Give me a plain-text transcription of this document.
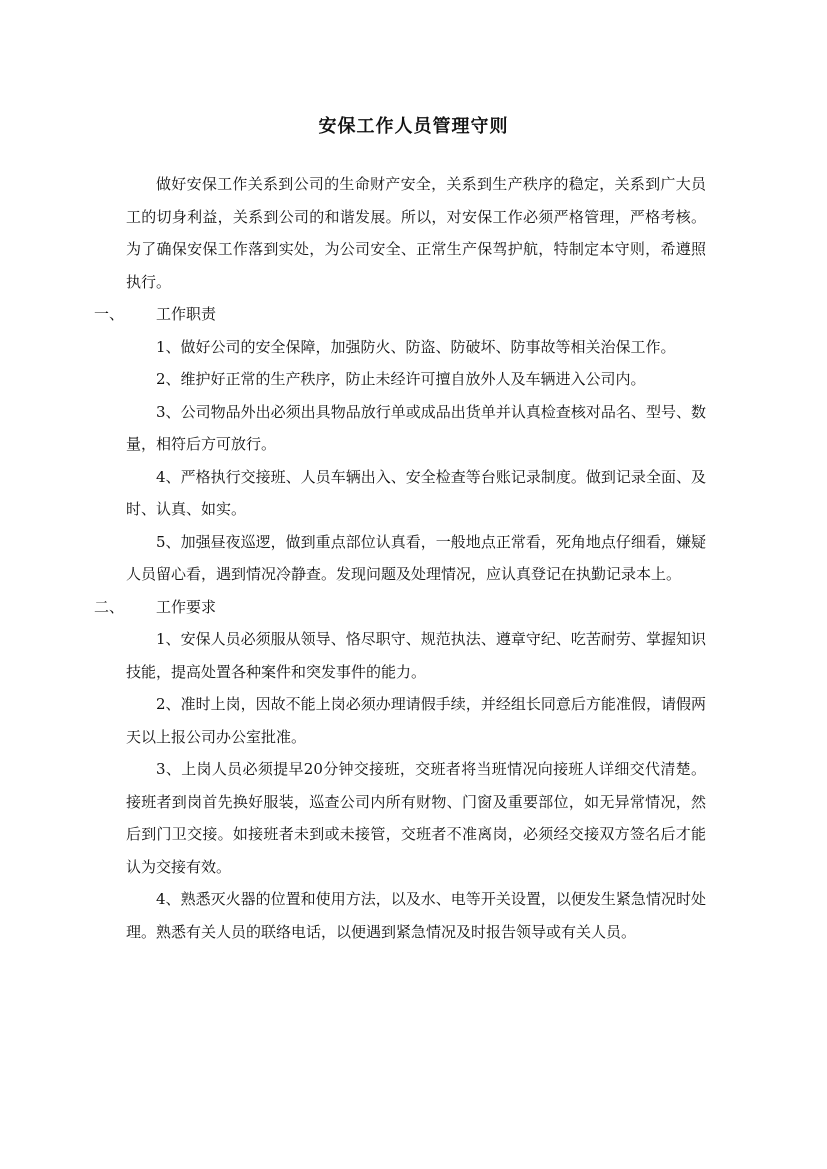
安保工作人员管理守则

做好安保工作关系到公司的生命财产安全，关系到生产秩序的稳定，关系到广大员工的切身利益，关系到公司的和谐发展。所以，对安保工作必须严格管理，严格考核。为了确保安保工作落到实处，为公司安全、正常生产保驾护航，特制定本守则，希遵照执行。

一、 工作职责

1、做好公司的安全保障，加强防火、防盗、防破坏、防事故等相关治保工作。

2、维护好正常的生产秩序，防止未经许可擅自放外人及车辆进入公司内。

3、公司物品外出必须出具物品放行单或成品出货单并认真检查核对品名、型号、数量，相符后方可放行。

4、严格执行交接班、人员车辆出入、安全检查等台账记录制度。做到记录全面、及时、认真、如实。

5、加强昼夜巡逻，做到重点部位认真看，一般地点正常看，死角地点仔细看，嫌疑人员留心看，遇到情况冷静查。发现问题及处理情况，应认真登记在执勤记录本上。

二、 工作要求

1、安保人员必须服从领导、恪尽职守、规范执法、遵章守纪、吃苦耐劳、掌握知识技能，提高处置各种案件和突发事件的能力。

2、准时上岗，因故不能上岗必须办理请假手续，并经组长同意后方能准假，请假两天以上报公司办公室批准。

3、上岗人员必须提早20分钟交接班，交班者将当班情况向接班人详细交代清楚。接班者到岗首先换好服装，巡查公司内所有财物、门窗及重要部位，如无异常情况，然后到门卫交接。如接班者未到或未接管，交班者不准离岗，必须经交接双方签名后才能认为交接有效。

4、熟悉灭火器的位置和使用方法，以及水、电等开关设置，以便发生紧急情况时处理。熟悉有关人员的联络电话，以便遇到紧急情况及时报告领导或有关人员。
